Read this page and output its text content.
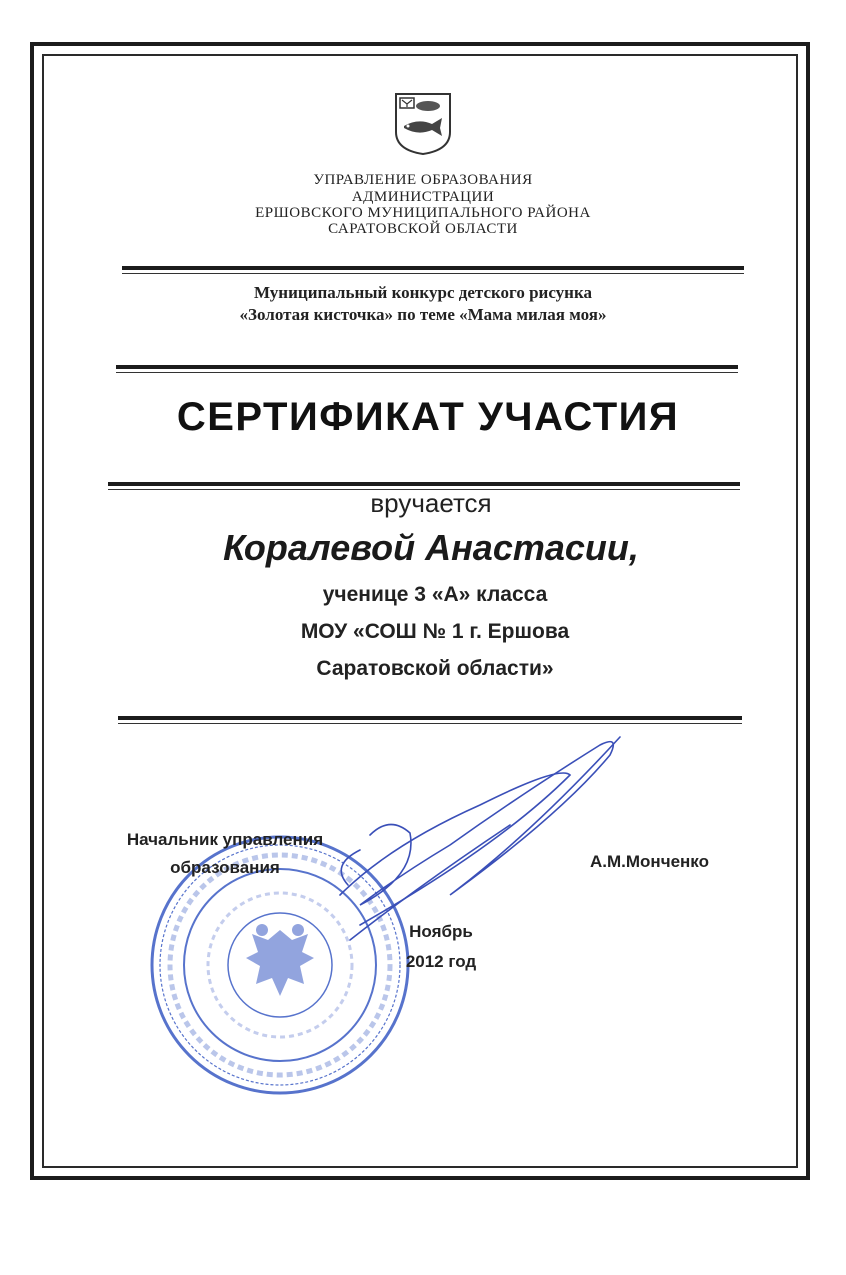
УПРАВЛЕНИЕ ОБРАЗОВАНИЯ
АДМИНИСТРАЦИИ
ЕРШОВСКОГО МУНИЦИПАЛЬНОГО РАЙОНА
САРАТОВСКОЙ ОБЛАСТИ
Муниципальный конкурс детского рисунка
«Золотая кисточка» по теме «Мама милая моя»
СЕРТИФИКАТ УЧАСТИЯ
вручается
Коралевой Анастасии,
ученице 3 «А» класса
МОУ «СОШ № 1 г. Ершова
Саратовской области»
Начальник управления
образования	А.М.Монченко
Ноябрь
2012 год
